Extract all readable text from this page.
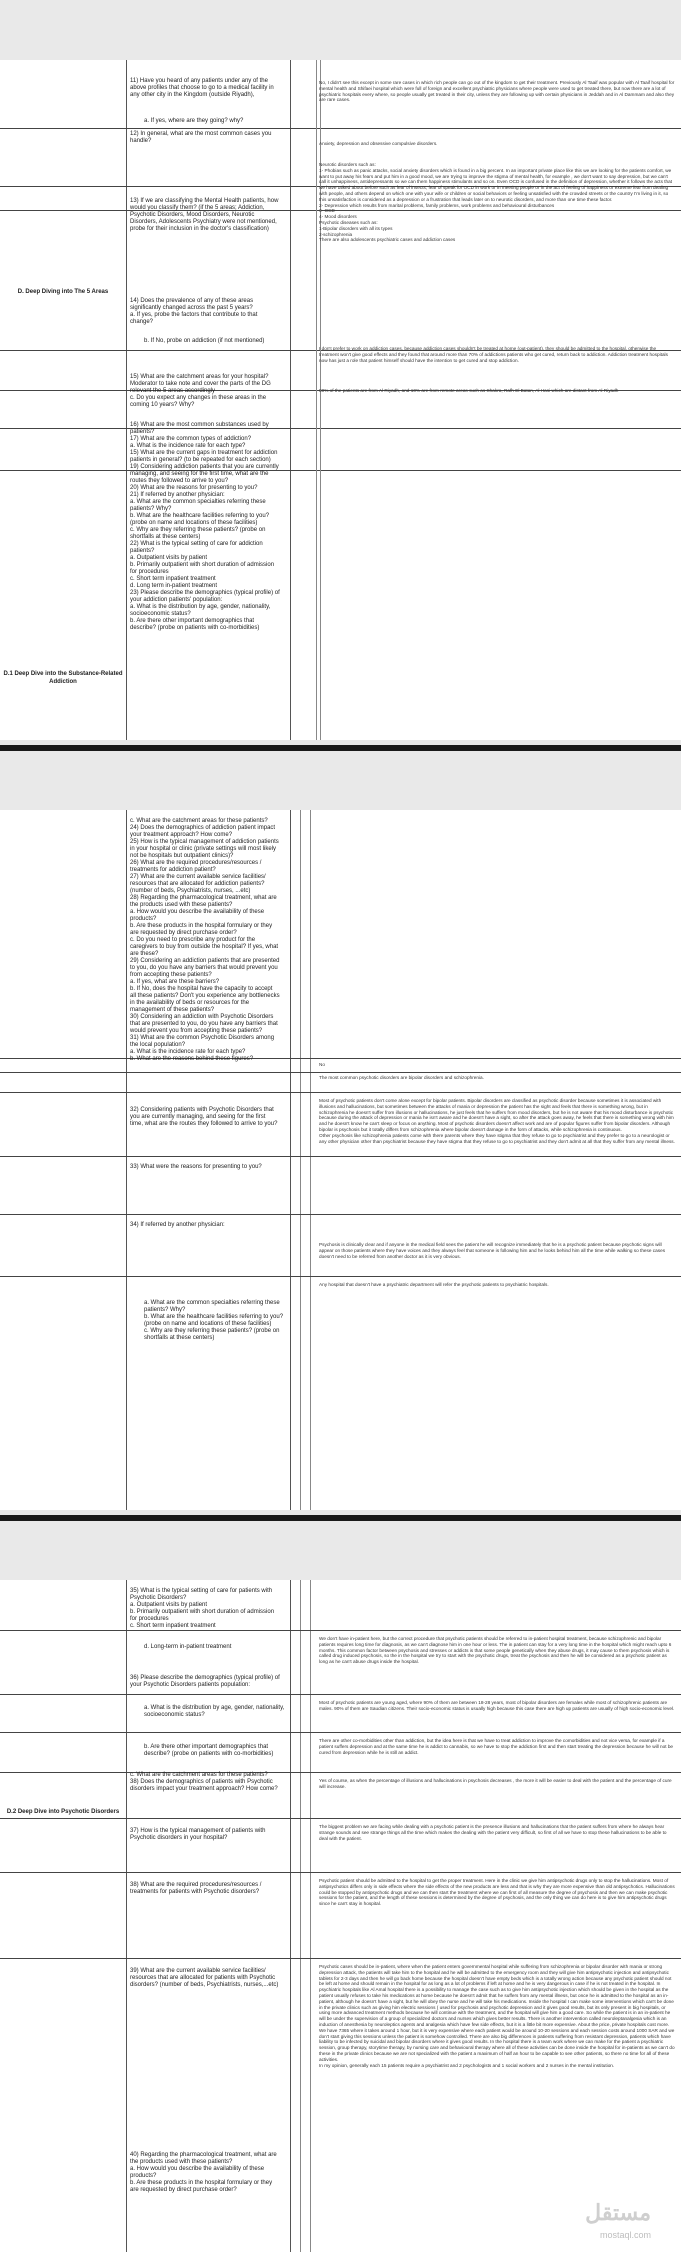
D. Deep Diving into The 5 Areas
D.1 Deep Dive into the Substance-Related Addiction
11) Have you heard of any patients under any of the above profiles that choose to go to a medical facility in any other city in the Kingdom (outside Riyadh),
a. If yes, where are they going? why?
12) In general, what are the most common cases you handle?
13) If we are classifying the Mental Health patients, how would you classify them? (if the 5 areas; Addiction, Psychotic Disorders, Mood Disorders, Neurotic Disorders, Adolescents Psychiatry were not mentioned, probe for their inclusion in the doctor's classification)
14) Does the prevalence of any of these areas significantly changed across the past 5 years?
a. If yes, probe the factors that contribute to that change?
b. If No, probe on addiction (if not mentioned)
15) What are the catchment areas for your hospital? Moderator to take note and cover the parts of the DG relevant the 5 areas accordingly
c. Do you expect any changes in these areas in the coming 10 years? Why?
16) What are the most common substances used by patients?
17) What are the common types of addiction?
a. What is the incidence rate for each type?
15) What are the current gaps in treatment for addiction patients in general? (to be repeated for each section)
19) Considering addiction patients that you are currently managing, and seeing for the first time, what are the routes they followed to arrive to you?
20) What are the reasons for presenting to you?
21) If referred by another physician:
a. What are the common specialties referring these patients? Why?
b. What are the healthcare facilities referring to you? (probe on name and locations of these facilities)
c. Why are they referring these patients? (probe on shortfalls at these centers)
22) What is the typical setting of care for addiction patients?
a. Outpatient visits by patient
b. Primarily outpatient with short duration of admission for procedures
c. Short term inpatient treatment
d. Long term in-patient treatment
23) Please describe the demographics (typical profile) of your addiction patients' population:
a. What is the distribution by age, gender, nationality, socioeconomic status?
b. Are there other important demographics that describe? (probe on patients with co-morbidities)
No, I didn't see this except in some rare cases in which rich people can go out of the kingdom to get their treatment. Previously Al Taaif was popular with Al Taaif hospital for mental health and Shifaei hospital which were full of foreign and excellent psychiatric physicians where people were used to get treated there, but now there are a lot of psychiatric hospitals every where, so people usually get treated in their city, unless they are following up with certain physicians in Jeddah and in Al Dammam and also they are rare cases.
Anxiety, depression and obsessive compulsive disorders.
Neurotic disorders such as:
1- Phobias such as panic attacks, social anxiety disorders which is found in a big percent. In an important private place like this we are looking for the patients comfort, we want to put away his fears and put him in a good mood, we are trying to improve the stigma of mental health, for example , we don't want to say depression, but we can't call it unhappiness, antidepressants so we can them happiness stimulants and so on. Even OCD is confused in the definition of depression, whether it follows the acts that we have talked about before such as fear of insects, fear of speak for OCD in work or in meeting people or in the act of feeling of happiness or extreme fear from dealing with people, and others depend on which one with your wife or children or social behaviors or feeling unsatisfied with the crowded streets or the country I'm living in it, so this unsatisfaction is considered as a depression or a frustration that leads later on to neurotic disorders, and more than one time these factor.
2- Depression which results from marital problems, family problems, work problems and behavioural disturbances
3- OCD
4- Mood disorders
Psychotic diseases such as:
1-Bipolar disorders with all its types
2-schizophrenia
There are also adolescents psychiatric cases and addiction cases
I don't prefer to work on addiction cases, because addiction cases shouldn't be treated at home (out-patient), they should be admitted to the hospital, otherwise the treatment won't give good effects and they found that around more than 70% of addictions patients who get cured, return back to addiction. Addiction treatment hospitals now has just a role that patient himself should have the intention to get cured and stop addiction.
80% of the patients are from Al Riyadh, and 10% are from remote areas such as Shakra, Rafh El Batan, Al Hasi which are distant from Al Riyadh
c. What are the catchment areas for these patients?
24) Does the demographics of addiction patient impact your treatment approach? How come?
25) How is the typical management of addiction patients in your hospital or clinic (private settings will most likely not be hospitals but outpatient clinics)?
26) What are the required procedures/resources / treatments for addiction patient?
27) What are the current available service facilities/ resources that are allocated for addiction patients? (number of beds, Psychiatrists, nurses, ...etc)
28) Regarding the pharmacological treatment, what are the products used with these patients?
a. How would you describe the availability of these products?
b. Are these products in the hospital formulary or they are requested by direct purchase order?
c. Do you need to prescribe any product for the caregivers to buy from outside the hospital? If yes, what are these?
29) Considering an addiction patients that are presented to you, do you have any barriers that would prevent you from accepting these patients?
a. If yes, what are these barriers?
b. If No, does the hospital have the capacity to accept all these patients? Don't you experience any bottlenecks in the availability of beds or resources for the management of these patients?
30) Considering an addiction with Psychotic Disorders that are presented to you, do you have any barriers that would prevent you from accepting these patients?
31) What are the common Psychotic Disorders among the local population?
a. What is the incidence rate for each type?
b. What are the reasons behind these figures?
32) Considering patients with Psychotic Disorders that you are currently managing, and seeing for the first time, what are the routes they followed to arrive to you?
33) What were the reasons for presenting to you?
34) If referred by another physician:
a. What are the common specialties referring these patients? Why?
b. What are the healthcare facilities referring to you? (probe on name and locations of these facilities)
c. Why are they referring these patients? (probe on shortfalls at these centers)
No
The most common psychotic disorders are bipolar disorders and schizophrenia.
Most of psychotic patients don't come alone except for bipolar patients. Bipolar disorders are classified as psychotic disorder because sometimes it is associated with illusions and hallucinations, but sometimes between the attacks of mania or depression the patient has the sight and feels that there is something wrong, but in schizophrenia he doesn't suffer from illusions or hallucinations, he just feels that he suffers from mood disorders, but he is not aware that his mood disturbance is psychotic because during the attack of depression or mania he isn't aware and he doesn't have a sight, so after the attack goes away, he feels that there is something wrong with him and he doesn't know he can't sleep or focus on anything. Most of psychotic disorders doesn't affect work and are of popular figures suffer from bipolar disorders. Although bipolar is psychosis but it totally differs from schizophrenia where bipolar doesn't damage in the form of attacks, while schizophrenia is continuous.
Other psychosis like schizophrenia patients come with there parents where they have stigma that they refuse to go to psychiatrist and they prefer to go to a neurologist or any other physician other than psychiatrist because they have stigma that they refuse to go to psychiatrist and they don't admit at all that they suffer from any mental illness.
Psychosis is clinically clear and if anyone in the medical field sees the patient he will recognize immediately that he is a psychotic patient because psychotic signs will appear on those patients where they have voices and they always feel that someone is following him and he looks behind him all the time while walking so these cases doesn't need to be referred from another doctor as it is very obvious.
Any hospital that doesn't have a psychiatric department will refer the psychotic patients to psychiatric hospitals.
D.2 Deep Dive into Psychotic Disorders
35) What is the typical setting of care for patients with Psychotic Disorders?
a. Outpatient visits by patient
b. Primarily outpatient with short duration of admission for procedures
c. Short term inpatient treatment
d. Long-term in-patient treatment
36) Please describe the demographics (typical profile) of your Psychotic Disorders patients population:
a. What is the distribution by age, gender, nationality, socioeconomic status?
b. Are there other important demographics that describe? (probe on patients with co-morbidities)
c. What are the catchment areas for these patients?
38) Does the demographics of patients with Psychotic disorders impact your treatment approach? How come?
37) How is the typical management of patients with Psychotic disorders in your hospital?
38) What are the required procedures/resources / treatments for patients with Psychotic disorders?
39) What are the current available service facilities/ resources that are allocated for patients with Psychotic disorders? (number of beds, Psychiatrists, nurses,...etc)
40) Regarding the pharmacological treatment, what are the products used with these patients?
a. How would you describe the availability of these products?
b. Are these products in the hospital formulary or they are requested by direct purchase order?
We don't have in-patient here, but the correct procedure that psychotic patients should be referred to in-patient hospital treatment, because schizophrenic and bipolar patients requires long time for diagnosis, as we can't diagnose him in one hour or less. The in patient can stay for a very long time in the hospital which might reach upto 6 months. This common factor between psychosis and stresses or addicts is that some people genetically when they abuse drugs, it may cause to them psychosis which is called drug induced psychosis, so the in the hospital we try to start with the psychotic drugs, treat the psychosis and then he will be considered as a psychotic patient as long as he can't abuse drugs inside the hospital.
Most of psychotic patients are young aged, where 90% of them are between 18-28 years, most of bipolar disorders are females while most of schizophrenic patients are males. 90% of them are Saudian citizens. Their socio-economic status is usually high because this case there are high up patients are usually of high socio-economic level.
There are other co-morbidities other than addiction, but the idea here is that we have to treat addiction to improve the comorbidities and not vice versa, for example if a patient suffers depression and at the same time he is addict to cannabis, so we have to stop the addiction first and then start treating the depression because he will not be cured from depression while he is still an addict.
Yes of course, as when the percentage of illusions and hallucinations in psychosis decreases , the more it will be easier to deal with the patient and the percentage of cure will increase.
The biggest problem we are facing while dealing with a psychotic patient is the presence illusions and hallucinations that the patient suffers from where he always hear strange sounds and see strange things all the time which makes the dealing with the patient very difficult, so first of all we have to stop these hallucinations to be able to deal with the patient.
Psychotic patient should be admitted to the hospital to get the proper treatment. Here in the clinic we give him antipsychotic drugs only to stop the hallucinations. Most of antipsychotics differs only in side effects where the side effects of the new products are less and that is why they are more expensive than old antipsychotics. Hallucinations could be stopped by antipsychotic drugs and we can then start the treatment where we can first of all measure the degree of psychosis and then we can make psychotic sessions for the patient, and the length of these sessions is determined by the degree of psychosis, and the only thing we can do here is to give him antipsychotic drugs since he can't stay in hospital.
Psychotic cases should be in-patient, where when the patient enters governmental hospital while suffering from schizophrenia or bipolar disorder with mania or strong depression attack, the patients will take him to the hospital and he will be admitted to the emergency room and they will give him antipsychotic injection and antipsychotic tablets for 2-3 days and then he will go back home because the hospital doesn't have empty beds which is a totally wrong action because any psychotic patient should not be left at home and should remain in the hospital for as long as a lot of problems if left at home and he is very dangerous in case if he is not treated in the hospital. In psychiatric hospitals like Al Amal hospital there is a possibility to manage the case such as to give him antipsychotic injection which should be given in the hospital as the patient usually refuses to take his medications at home because he doesn't admit that he suffers from any mental illness, but once he is admitted to the hospital as an in-patient, although he doesn't have a sight, but he will obey the nurse and he will take his medications. Inside the hospital I can make some interventions which can't be done in the private clinics such as giving him electric sessions ( used for psychosis and psychotic depression and it gives good results, but its only present in big hospitals, or using more advanced treatment methods because he will continue with the treatment, and the hospital will give him a good care. So while the patient is in an in-patient he will be under the supervision of a group of specialized doctors and nurses which gives better results. There is another intervention called neuroleptanalgesia which is an induction of anesthesia by neuroleptics agents and analgesia which have few side effects, but it is a little bit more expensive. About the price, private hospitals cost more. We have 7365 where it takes around 1 hour, but it is very expensive where each patient would be around 10-20 sessions and each session costs around 1000 SAR and we don't start giving this sessions unless the patient is somehow controlled. There are also big differences in patients suffering from resistant depression, patients which have liability to be infected by suicidal and bipolar disorders where it gives good results. In the hospital there is a team work where we can make for the patient a psychiatric session, group therapy, storytime therapy, by nursing care and behavioural therapy where all of these activities can be done inside the hospital for in-patients as we can't do these in the private clinics because we are not specialized with the patient a maximum of half an hour to be capable to see other patients, so there no time for all of these activities.
In my opinion, generally each 15 patients require a psychiatrist and 2 psychologists and 1 social workers and 2 nurses in the mental institution.
مستقل
mostaql.com
